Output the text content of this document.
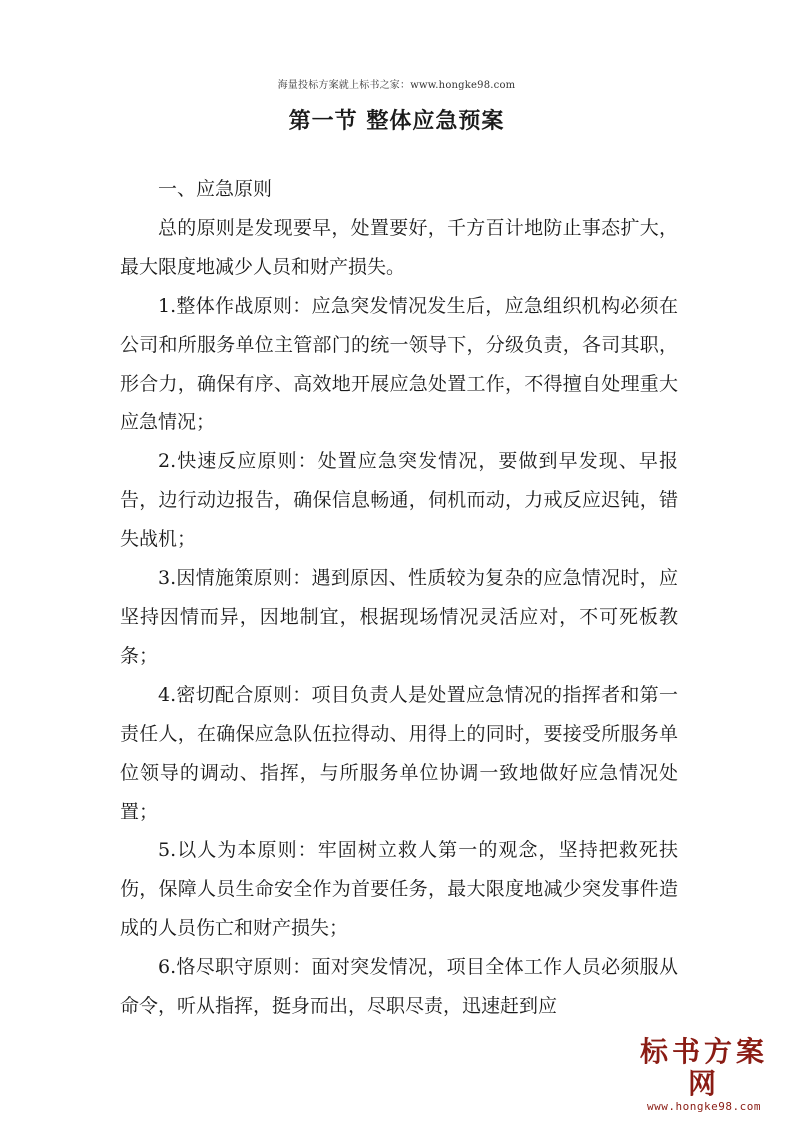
海量投标方案就上标书之家：www.hongke98.com
第一节 整体应急预案

一、应急原则

总的原则是发现要早，处置要好，千方百计地防止事态扩大，最大限度地减少人员和财产损失。

1.整体作战原则：应急突发情况发生后，应急组织机构必须在公司和所服务单位主管部门的统一领导下，分级负责，各司其职，形合力，确保有序、高效地开展应急处置工作，不得擅自处理重大应急情况；

2.快速反应原则：处置应急突发情况，要做到早发现、早报告，边行动边报告，确保信息畅通，伺机而动，力戒反应迟钝，错失战机；

3.因情施策原则：遇到原因、性质较为复杂的应急情况时，应坚持因情而异，因地制宜，根据现场情况灵活应对，不可死板教条；

4.密切配合原则：项目负责人是处置应急情况的指挥者和第一责任人，在确保应急队伍拉得动、用得上的同时，要接受所服务单位领导的调动、指挥，与所服务单位协调一致地做好应急情况处置；

5.以人为本原则：牢固树立救人第一的观念，坚持把救死扶伤，保障人员生命安全作为首要任务，最大限度地减少突发事件造成的人员伤亡和财产损失；

6.恪尽职守原则：面对突发情况，项目全体工作人员必须服从命令，听从指挥，挺身而出，尽职尽责，迅速赶到应

标书方案网
www.hongke98.com
